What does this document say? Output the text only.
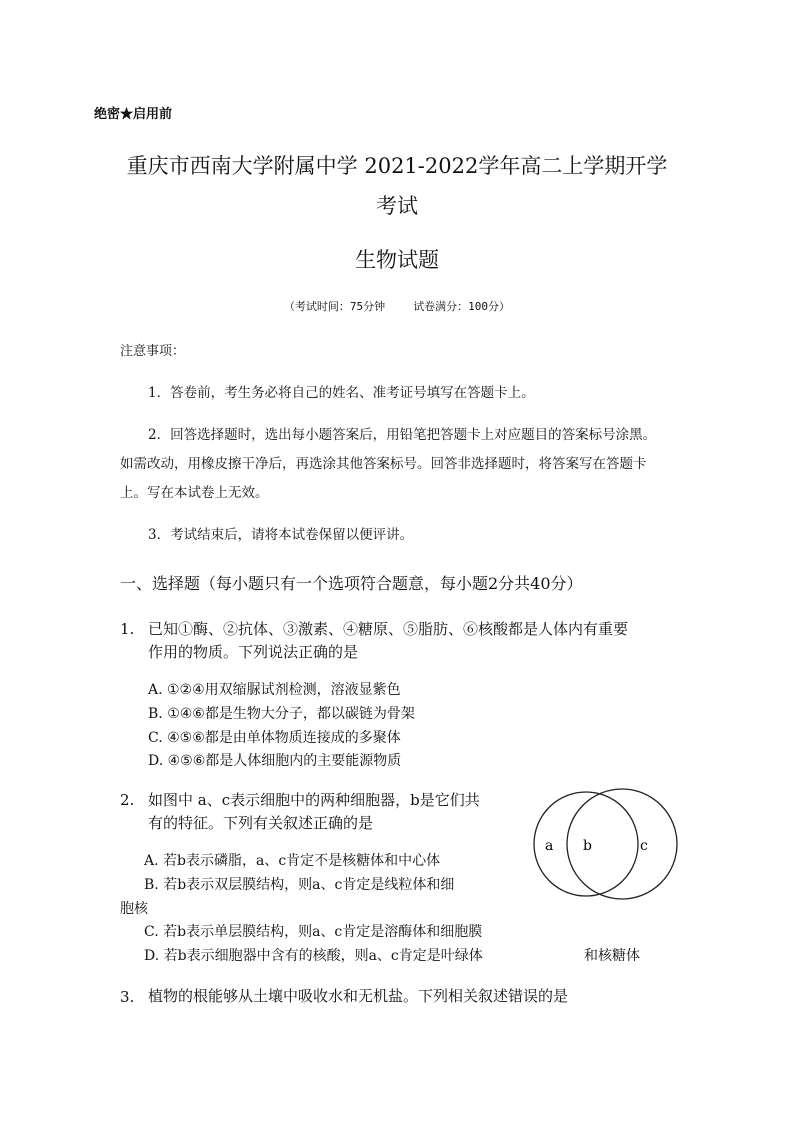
绝密★启用前
重庆市西南大学附属中学 2021-2022学年高二上学期开学
考试
生物试题
（考试时间：75分钟	试卷满分：100分）
注意事项：
1．答卷前，考生务必将自己的姓名、准考证号填写在答题卡上。
2．回答选择题时，选出每小题答案后，用铅笔把答题卡上对应题目的答案标号涂黑。
如需改动，用橡皮擦干净后，再选涂其他答案标号。回答非选择题时，将答案写在答题卡
上。写在本试卷上无效。
3．考试结束后，请将本试卷保留以便评讲。
一、选择题（每小题只有一个选项符合题意，每小题2分共40分）
1. 已知①酶、②抗体、③激素、④糖原、⑤脂肪、⑥核酸都是人体内有重要
作用的物质。下列说法正确的是
A. ①②④用双缩脲试剂检测，溶液显紫色
B. ①④⑥都是生物大分子，都以碳链为骨架
C. ④⑤⑥都是由单体物质连接成的多聚体
D. ④⑤⑥都是人体细胞内的主要能源物质
2. 如图中 a、c表示细胞中的两种细胞器，b是它们共
有的特征。下列有关叙述正确的是
a b	c
A. 若b表示磷脂，a、c肯定不是核糖体和中心体
B. 若b表示双层膜结构，则a、c肯定是线粒体和细
胞核
C. 若b表示单层膜结构，则a、c肯定是溶酶体和细胞膜
D. 若b表示细胞器中含有的核酸，则a、c肯定是叶绿体	和核糖体
3. 植物的根能够从土壤中吸收水和无机盐。下列相关叙述错误的是
